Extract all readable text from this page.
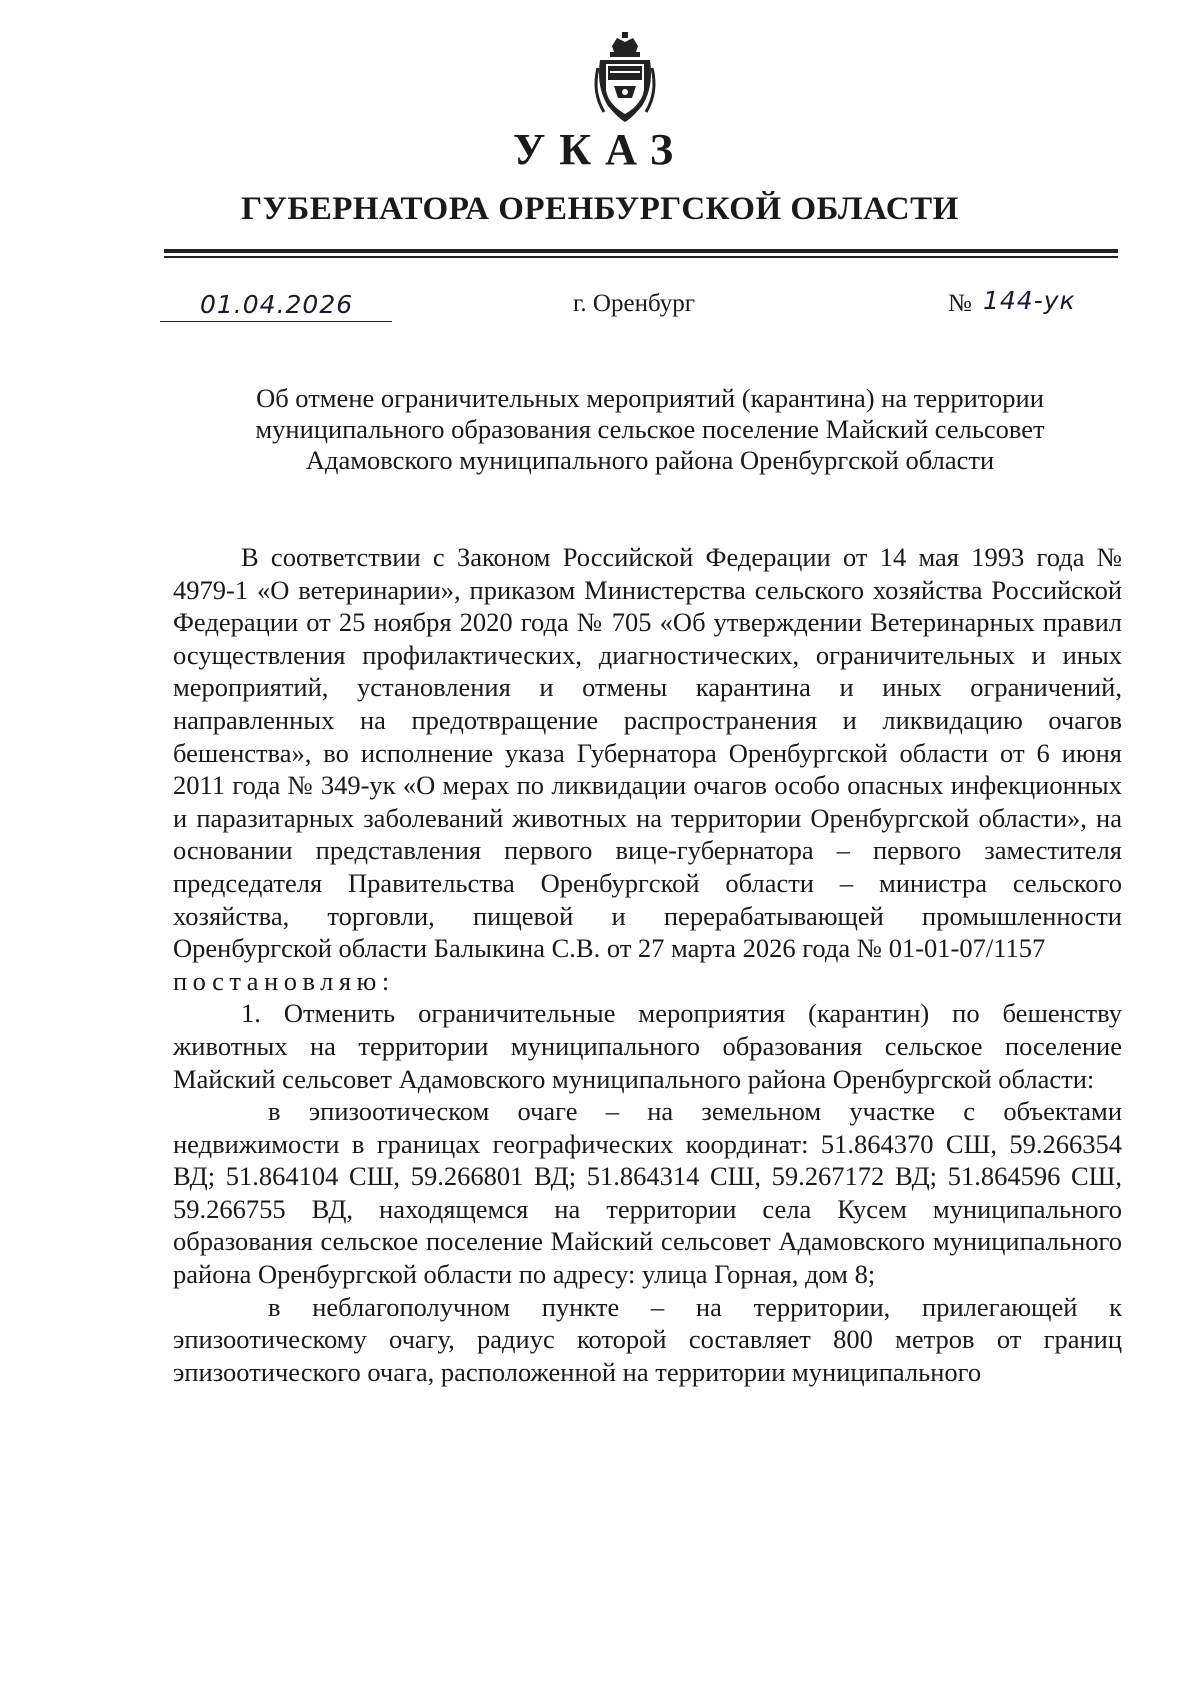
УКАЗ
ГУБЕРНАТОРА ОРЕНБУРГСКОЙ ОБЛАСТИ
01.04.2026	г. Оренбург	№ 144-ук
Об отмене ограничительных мероприятий (карантина) на территории
муниципального образования сельское поселение Майский сельсовет
Адамовского муниципального района Оренбургской области

В соответствии с Законом Российской Федерации от 14 мая 1993 года № 4979-1 «О ветеринарии», приказом Министерства сельского хозяйства Российской Федерации от 25 ноября 2020 года № 705 «Об утверждении Ветеринарных правил осуществления профилактических, диагностических, ограничительных и иных мероприятий, установления и отмены карантина и иных ограничений, направленных на предотвращение распространения и ликвидацию очагов бешенства», во исполнение указа Губернатора Оренбургской области от 6 июня 2011 года № 349-ук «О мерах по ликвидации очагов особо опасных инфекционных и паразитарных заболеваний животных на территории Оренбургской области», на основании представления первого вице-губернатора – первого заместителя председателя Правительства Оренбургской области – министра сельского хозяйства, торговли, пищевой и перерабатывающей промышленности Оренбургской области Балыкина С.В. от 27 марта 2026 года № 01-01-07/1157

постановляю:

1. Отменить ограничительные мероприятия (карантин) по бешенству животных на территории муниципального образования сельское поселение Майский сельсовет Адамовского муниципального района Оренбургской области:

в эпизоотическом очаге – на земельном участке с объектами недвижимости в границах географических координат: 51.864370 СШ, 59.266354 ВД; 51.864104 СШ, 59.266801 ВД; 51.864314 СШ, 59.267172 ВД; 51.864596 СШ, 59.266755 ВД, находящемся на территории села Кусем муниципального образования сельское поселение Майский сельсовет Адамовского муниципального района Оренбургской области по адресу: улица Горная, дом 8;

в неблагополучном пункте – на территории, прилегающей к эпизоотическому очагу, радиус которой составляет 800 метров от границ эпизоотического очага, расположенной на территории муниципального
